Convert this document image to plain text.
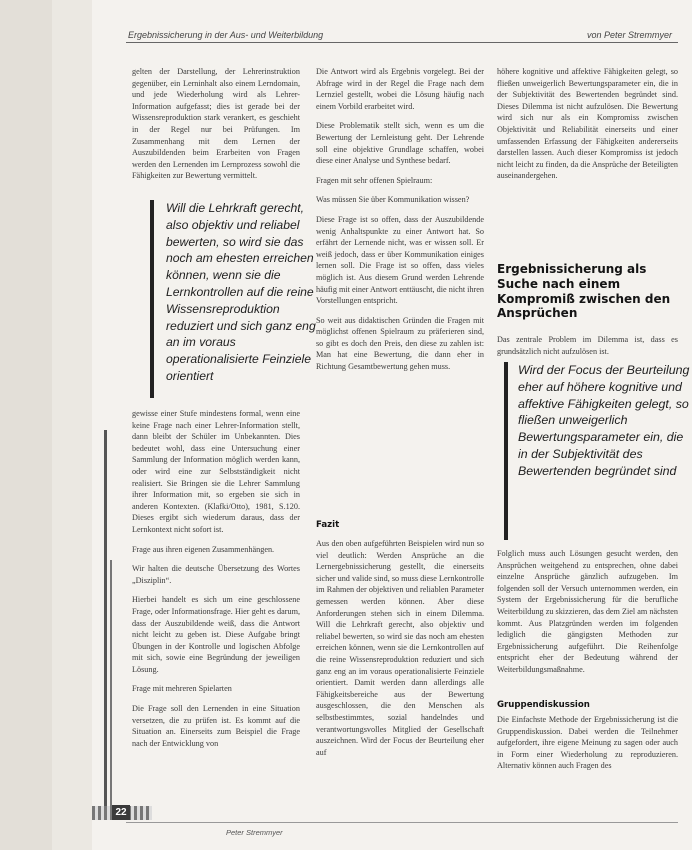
Ergebnissicherung in der Aus- und Weiterbildung	von Peter Stremmyer

gelten der Darstellung, der Lehrerinstruktion gegenüber, ein Lerninhalt also einem Lerndomain, und jede Wiederholung wird als Lehrer-Information aufgefasst; dies ist gerade bei der Wissensreproduktion stark verankert, es geschieht in der Regel nur bei Prüfungen. Im Zusammenhang mit dem Lernen der Auszubildenden beim Erarbeiten von Fragen werden den Lernenden im Lernprozess sowohl die Fähigkeiten zur Bewertung vermittelt.

Will die Lehrkraft gerecht, also objektiv und reliabel bewerten, so wird sie das noch am ehesten erreichen können, wenn sie die Lernkontrollen auf die reine Wissensreproduktion reduziert und sich ganz eng an im voraus operationalisierte Feinziele orientiert

gewisse einer Stufe mindestens formal, wenn eine keine Frage nach einer Lehrer-Information stellt, dann bleibt der Schüler im Unbekannten. Dies bedeutet wohl, dass eine Untersuchung einer Sammlung der Information möglich werden kann, oder wird eine zur Selbstständigkeit nicht realisiert. Sie Bringen sie die Lehrer Sammlung ihrer Information mit, so ergeben sie sich in anderen Kontexten. (Klafki/Otto), 1981, S.120. Dieses ergibt sich wiederum daraus, dass der Lernkontext nicht sofort ist.

Frage aus ihren eigenen Zusammenhängen.

Wir halten die deutsche Übersetzung des Wortes „Disziplin“.

Hierbei handelt es sich um eine geschlossene Frage, oder Informationsfrage. Hier geht es darum, dass der Auszubildende weiß, dass die Antwort nicht leicht zu geben ist. Diese Aufgabe bringt Übungen in der Kontrolle und logischen Abfolge mit sich, sowie eine Begründung der jeweiligen Lösung.

Frage mit mehreren Spielarten

Die Frage soll den Lernenden in eine Situation versetzen, die zu prüfen ist. Es kommt auf die Situation an. Einerseits zum Beispiel die Frage nach der Entwicklung von

Die Antwort wird als Ergebnis vorgelegt. Bei der Abfrage wird in der Regel die Frage nach dem Lernziel gestellt, wobei die Lösung häufig nach einem Vorbild erarbeitet wird.

Diese Problematik stellt sich, wenn es um die Bewertung der Lernleistung geht. Der Lehrende soll eine objektive Grundlage schaffen, wobei diese einer Analyse und Synthese bedarf.

Fragen mit sehr offenen Spielraum:

Was müssen Sie über Kommunikation wissen?

Diese Frage ist so offen, dass der Auszubildende wenig Anhaltspunkte zu einer Antwort hat. So erfährt der Lernende nicht, was er wissen soll. Er weiß jedoch, dass er über Kommunikation einiges lernen soll. Die Frage ist so offen, dass vieles möglich ist. Aus diesem Grund werden Lehrende häufig mit einer Antwort enttäuscht, die nicht ihren Vorstellungen entspricht.

So weit aus didaktischen Gründen die Fragen mit möglichst offenen Spielraum zu präferieren sind, so gibt es doch den Preis, den diese zu zahlen ist: Man hat eine Bewertung, die dann eher in Richtung Gesamtbewertung gehen muss.

Fazit

Aus den oben aufgeführten Beispielen wird nun so viel deutlich: Werden Ansprüche an die Lernergebnissicherung gestellt, die einerseits sicher und valide sind, so muss diese Lernkontrolle im Rahmen der objektiven und reliablen Parameter gemessen werden können. Aber diese Anforderungen stehen sich in einem Dilemma. Will die Lehrkraft gerecht, also objektiv und reliabel bewerten, so wird sie das noch am ehesten erreichen können, wenn sie die Lernkontrollen auf die reine Wissensreproduktion reduziert und sich ganz eng an im voraus operationalisierte Feinziele orientiert. Damit werden dann allerdings alle Fähigkeitsbereiche aus der Bewertung ausgeschlossen, die den Menschen als selbstbestimmtes, sozial handelndes und verantwortungsvolles Mitglied der Gesellschaft auszeichnen. Wird der Focus der Beurteilung eher auf

höhere kognitive und affektive Fähigkeiten gelegt, so fließen unweigerlich Bewertungsparameter ein, die in der Subjektivität des Bewertenden begründet sind. Dieses Dilemma ist nicht aufzulösen. Die Bewertung wird sich nur als ein Kompromiss zwischen Objektivität und Reliabilität einerseits und einer umfassenden Erfassung der Fähigkeiten andererseits darstellen lassen. Auch dieser Kompromiss ist jedoch nicht leicht zu finden, da die Ansprüche der Beteiligten auseinandergehen.

Ergebnissicherung als Suche nach einem Kompromiß zwischen den Ansprüchen

Das zentrale Problem im Dilemma ist, dass es grundsätzlich nicht aufzulösen ist.

Wird der Focus der Beurteilung eher auf höhere kognitive und affektive Fähigkeiten gelegt, so fließen unweigerlich Bewertungsparameter ein, die in der Subjektivität des Bewertenden begründet sind

Folglich muss auch Lösungen gesucht werden, den Ansprüchen weitgehend zu entsprechen, ohne dabei einzelne Ansprüche gänzlich aufzugeben. Im folgenden soll der Versuch unternommen werden, ein System der Ergebnissicherung für die berufliche Weiterbildung zu skizzieren, das dem Ziel am nächsten kommt. Aus Platzgründen werden im folgenden lediglich die gängigsten Methoden zur Ergebnissicherung aufgeführt. Die Reihenfolge entspricht eher der Bedeutung während der Weiterbildungsmaßnahme.

Gruppendiskussion

Die Einfachste Methode der Ergebnissicherung ist die Gruppendiskussion. Dabei werden die Teilnehmer aufgefordert, ihre eigene Meinung zu sagen oder auch in Form einer Wiederholung zu reproduzieren. Alternativ können auch Fragen des

22
Peter Stremmyer
